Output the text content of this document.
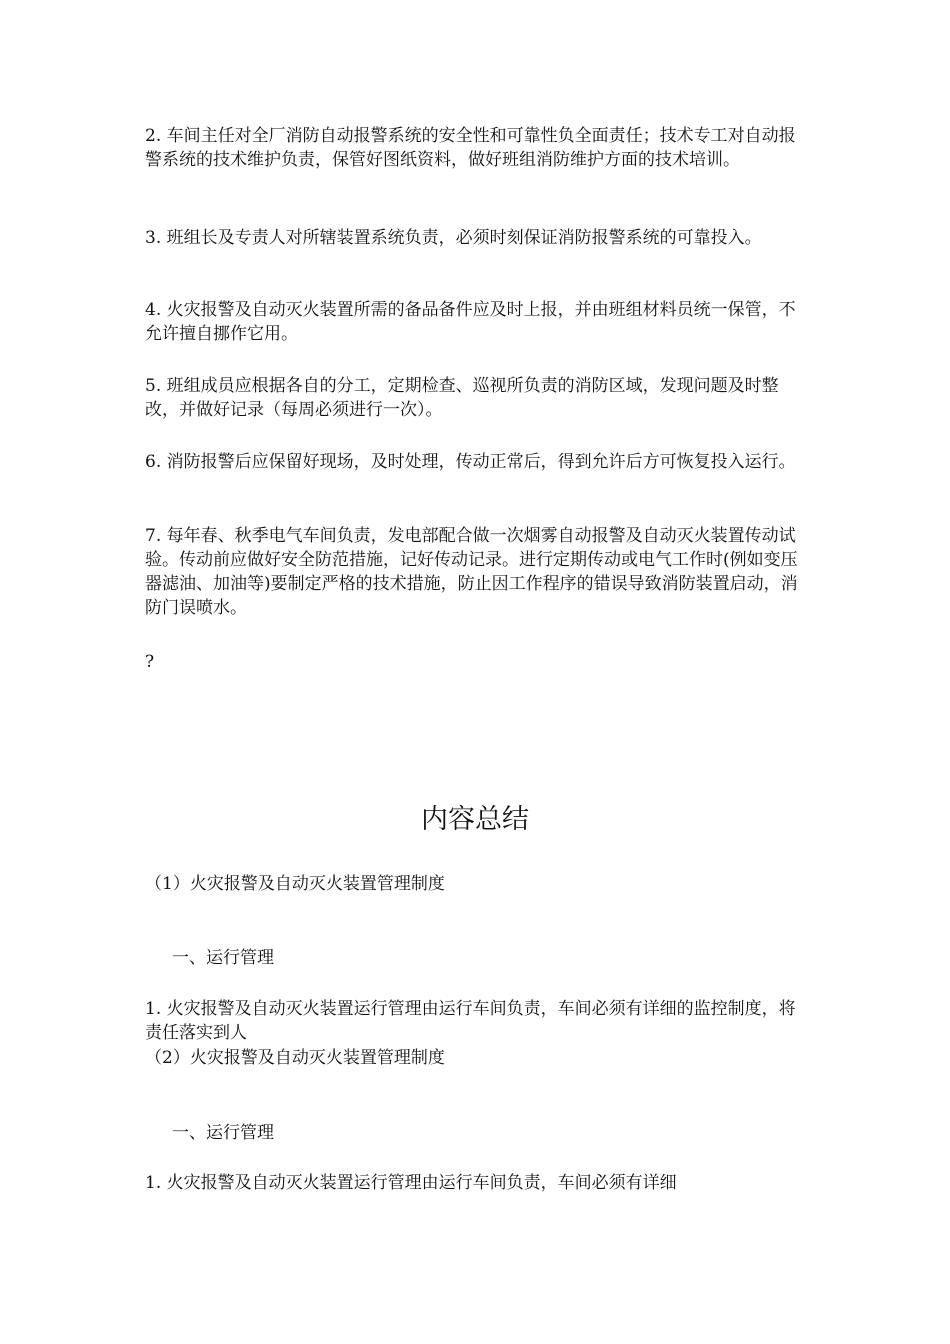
2. 车间主任对全厂消防自动报警系统的安全性和可靠性负全面责任；技术专工对自动报警系统的技术维护负责，保管好图纸资料，做好班组消防维护方面的技术培训。

3. 班组长及专责人对所辖装置系统负责，必须时刻保证消防报警系统的可靠投入。

4. 火灾报警及自动灭火装置所需的备品备件应及时上报，并由班组材料员统一保管，不允许擅自挪作它用。

5. 班组成员应根据各自的分工，定期检查、巡视所负责的消防区域，发现问题及时整改，并做好记录（每周必须进行一次）。

6. 消防报警后应保留好现场，及时处理，传动正常后，得到允许后方可恢复投入运行。

7. 每年春、秋季电气车间负责，发电部配合做一次烟雾自动报警及自动灭火装置传动试验。传动前应做好安全防范措施，记好传动记录。进行定期传动或电气工作时(例如变压器滤油、加油等)要制定严格的技术措施，防止因工作程序的错误导致消防装置启动，消防门误喷水。

?

内容总结

（1）火灾报警及自动灭火装置管理制度

一、运行管理

1. 火灾报警及自动灭火装置运行管理由运行车间负责，车间必须有详细的监控制度，将责任落实到人

（2）火灾报警及自动灭火装置管理制度

一、运行管理

1. 火灾报警及自动灭火装置运行管理由运行车间负责，车间必须有详细
